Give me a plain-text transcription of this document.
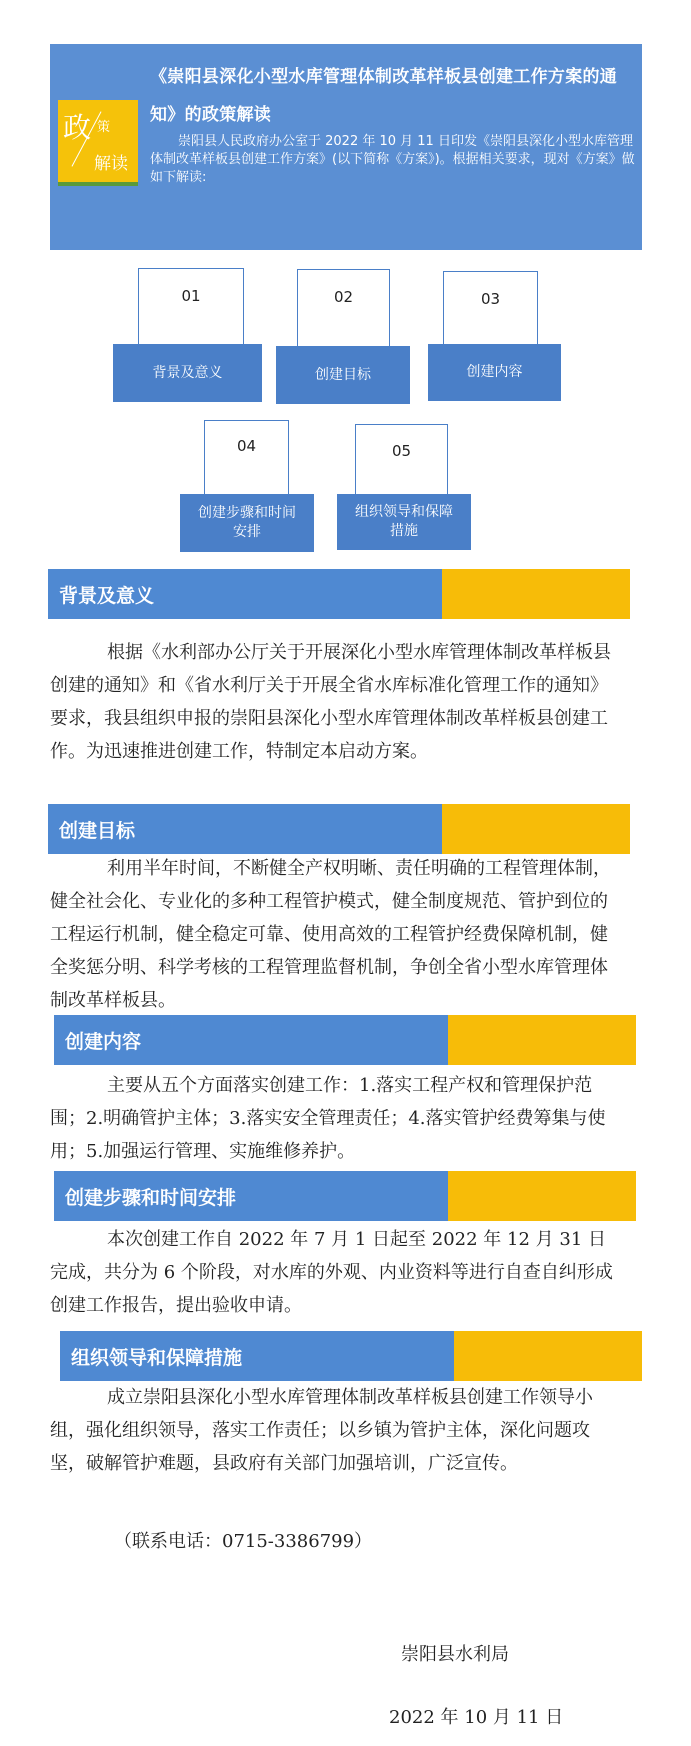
政 策
解读
《崇阳县深化小型水库管理体制改革样板县创建工作方案的通知》的政策解读
崇阳县人民政府办公室于 2022 年 10 月 11 日印发《崇阳县深化小型水库管理体制改革样板县创建工作方案》(以下简称《方案》)。根据相关要求，现对《方案》做如下解读:
01
背景及意义
02
创建目标
03
创建内容
04
创建步骤和时间安排
05
组织领导和保障措施
背景及意义
根据《水利部办公厅关于开展深化小型水库管理体制改革样板县创建的通知》和《省水利厅关于开展全省水库标准化管理工作的通知》要求，我县组织申报的崇阳县深化小型水库管理体制改革样板县创建工作。为迅速推进创建工作，特制定本启动方案。
创建目标
利用半年时间，不断健全产权明晰、责任明确的工程管理体制，健全社会化、专业化的多种工程管护模式，健全制度规范、管护到位的工程运行机制，健全稳定可靠、使用高效的工程管护经费保障机制，健全奖惩分明、科学考核的工程管理监督机制，争创全省小型水库管理体制改革样板县。
创建内容
主要从五个方面落实创建工作：1.落实工程产权和管理保护范围；2.明确管护主体；3.落实安全管理责任；4.落实管护经费筹集与使用；5.加强运行管理、实施维修养护。
创建步骤和时间安排
本次创建工作自 2022 年 7 月 1 日起至 2022 年 12 月 31 日完成，共分为 6 个阶段，对水库的外观、内业资料等进行自查自纠形成创建工作报告，提出验收申请。
组织领导和保障措施
成立崇阳县深化小型水库管理体制改革样板县创建工作领导小组，强化组织领导，落实工作责任；以乡镇为管护主体，深化问题攻坚，破解管护难题，县政府有关部门加强培训，广泛宣传。
（联系电话：0715-3386799）
崇阳县水利局
2022 年 10 月 11 日
